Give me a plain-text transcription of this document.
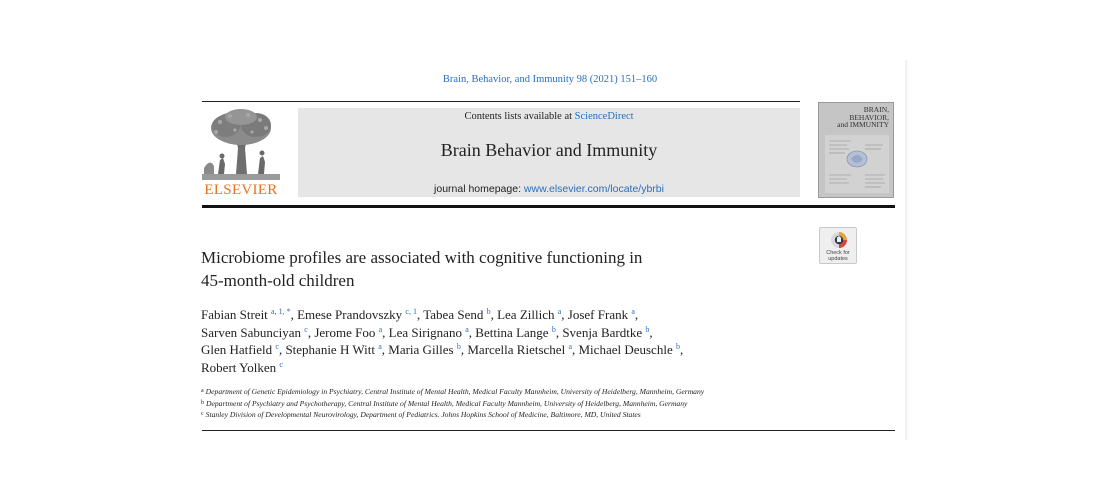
Brain, Behavior, and Immunity 98 (2021) 151–160
ELSEVIER
Contents lists available at ScienceDirect
Brain Behavior and Immunity
journal homepage: www.elsevier.com/locate/ybrbi
BRAIN,
BEHAVIOR,
and IMMUNITY
Check for
updates
Microbiome profiles are associated with cognitive functioning in
45-month-old children
Fabian Streit $^{a, 1, *}$, Emese Prandovszky $^{c, 1}$, Tabea Send $^b$, Lea Zillich $^a$, Josef Frank $^a$,
Sarven Sabunciyan $^c$, Jerome Foo $^a$, Lea Sirignano $^a$, Bettina Lange $^b$, Svenja Bardtke $^b$,
Glen Hatfield $^c$, Stephanie H Witt $^a$, Maria Gilles $^b$, Marcella Rietschel $^a$, Michael Deuschle $^b$,
Robert Yolken $^c$
$^a$ Department of Genetic Epidemiology in Psychiatry, Central Institute of Mental Health, Medical Faculty Mannheim, University of Heidelberg, Mannheim, Germany
$^b$ Department of Psychiatry and Psychotherapy, Central Institute of Mental Health, Medical Faculty Mannheim, University of Heidelberg, Mannheim, Germany
$^c$ Stanley Division of Developmental Neurovirology, Department of Pediatrics. Johns Hopkins School of Medicine, Baltimore, MD, United States
